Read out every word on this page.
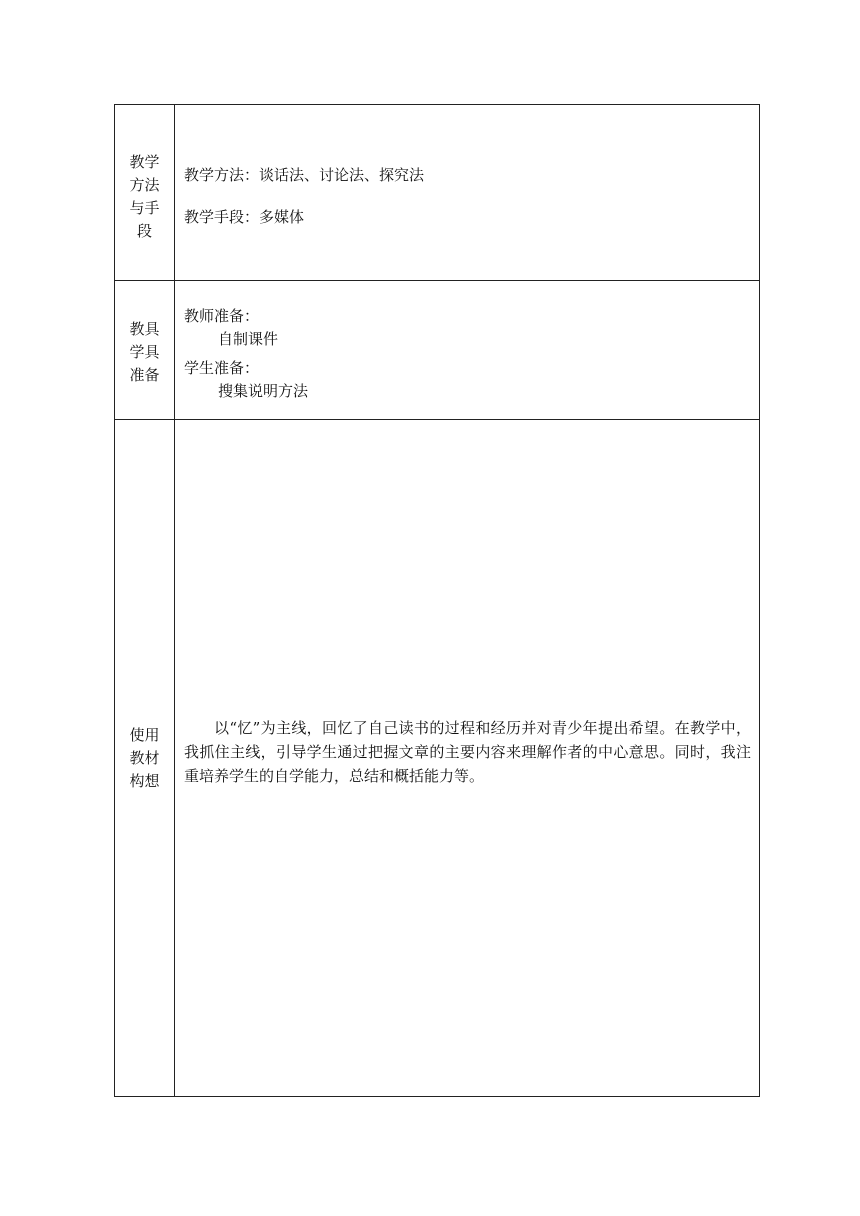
教学
方法
与手
段	教学方法：谈话法、讨论法、探究法
教学手段：多媒体

教具
学具
准备	教师准备：
自制课件
学生准备：
搜集说明方法

使用
教材
构想	以“忆”为主线，回忆了自己读书的过程和经历并对青少年提出希望。在教学中，我抓住主线，引导学生通过把握文章的主要内容来理解作者的中心意思。同时，我注重培养学生的自学能力，总结和概括能力等。
